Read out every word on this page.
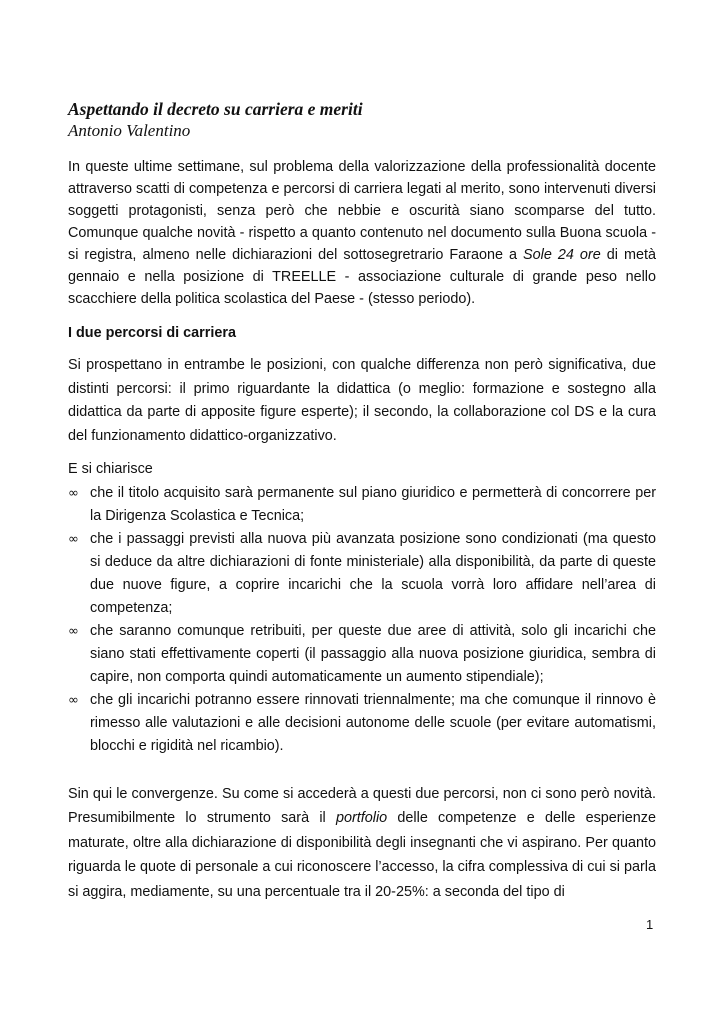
Aspettando il decreto su carriera e meriti
Antonio Valentino

In queste ultime settimane, sul problema della valorizzazione della professionalità docente attraverso scatti di competenza e percorsi di carriera legati al merito, sono intervenuti diversi soggetti protagonisti, senza però che nebbie e oscurità siano scomparse del tutto. Comunque qualche novità - rispetto a quanto contenuto nel documento sulla Buona scuola - si registra, almeno nelle dichiarazioni del sottosegretrario Faraone a Sole 24 ore di metà gennaio e nella posizione di TREELLE - associazione culturale di grande peso nello scacchiere della politica scolastica del Paese - (stesso periodo).

I due percorsi di carriera

Si prospettano in entrambe le posizioni, con qualche differenza non però significativa, due distinti percorsi: il primo riguardante la didattica (o meglio: formazione e sostegno alla didattica da parte di apposite figure esperte); il secondo, la collaborazione col DS e la cura del funzionamento didattico-organizzativo.

E si chiarisce

∞ che il titolo acquisito sarà permanente sul piano giuridico e permetterà di concorrere per la Dirigenza Scolastica e Tecnica;
∞ che i passaggi previsti alla nuova più avanzata posizione sono condizionati (ma questo si deduce da altre dichiarazioni di fonte ministeriale) alla disponibilità, da parte di queste due nuove figure, a coprire incarichi che la scuola vorrà loro affidare nell’area di competenza;
∞ che saranno comunque retribuiti, per queste due aree di attività, solo gli incarichi che siano stati effettivamente coperti (il passaggio alla nuova posizione giuridica, sembra di capire, non comporta quindi automaticamente un aumento stipendiale);
∞ che gli incarichi potranno essere rinnovati triennalmente; ma che comunque il rinnovo è rimesso alle valutazioni e alle decisioni autonome delle scuole (per evitare automatismi, blocchi e rigidità nel ricambio).

Sin qui le convergenze. Su come si accederà a questi due percorsi, non ci sono però novità. Presumibilmente lo strumento sarà il portfolio delle competenze e delle esperienze maturate, oltre alla dichiarazione di disponibilità degli insegnanti che vi aspirano. Per quanto riguarda le quote di personale a cui riconoscere l’accesso, la cifra complessiva di cui si parla si aggira, mediamente, su una percentuale tra il 20-25%: a seconda del tipo di

1
